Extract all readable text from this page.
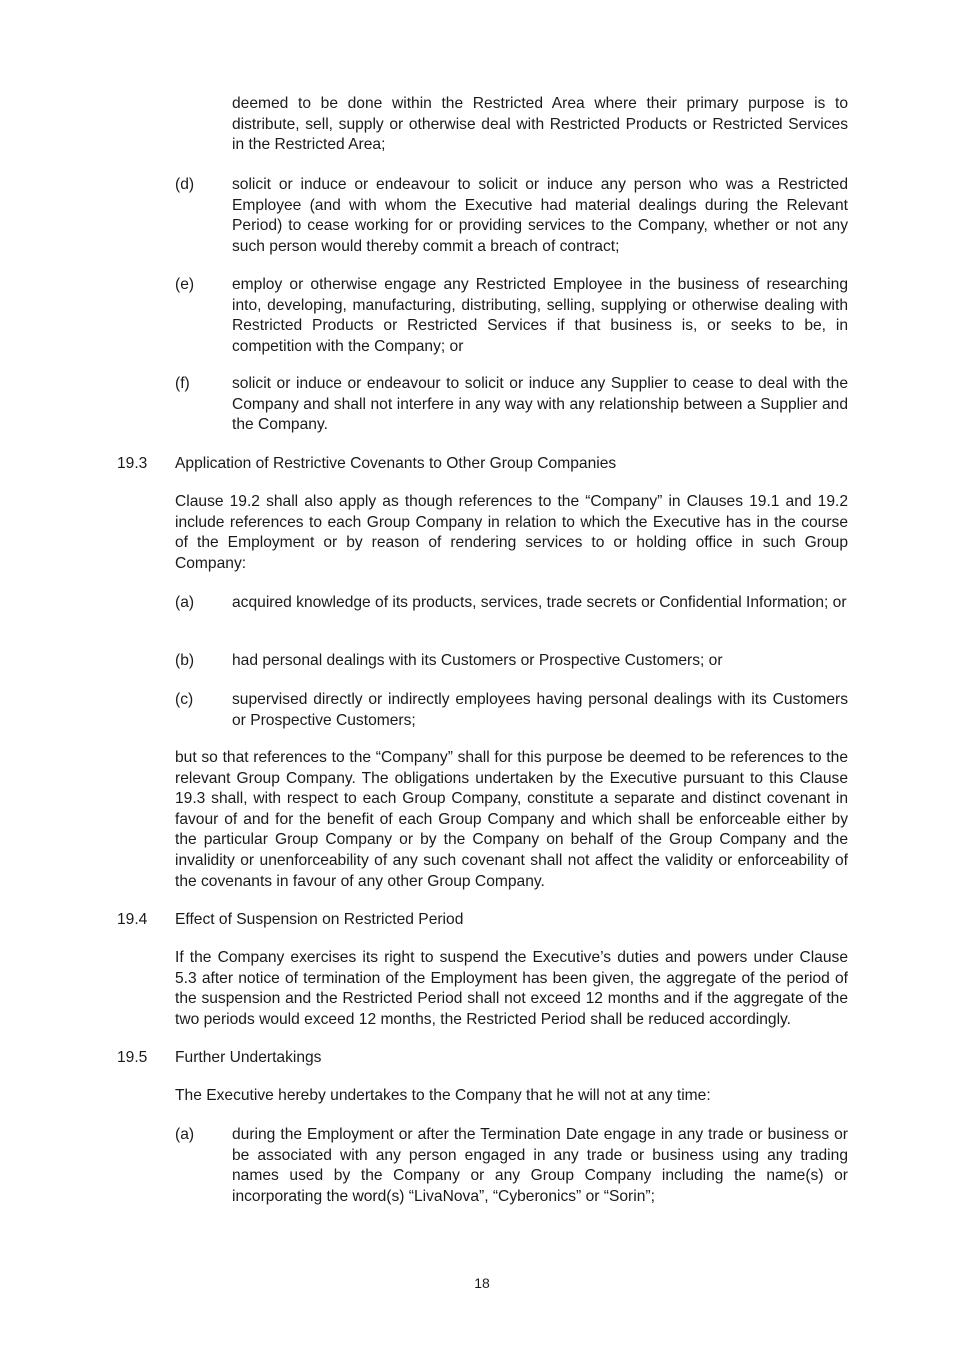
deemed to be done within the Restricted Area where their primary purpose is to distribute, sell, supply or otherwise deal with Restricted Products or Restricted Services in the Restricted Area;
(d) solicit or induce or endeavour to solicit or induce any person who was a Restricted Employee (and with whom the Executive had material dealings during the Relevant Period) to cease working for or providing services to the Company, whether or not any such person would thereby commit a breach of contract;
(e) employ or otherwise engage any Restricted Employee in the business of researching into, developing, manufacturing, distributing, selling, supplying or otherwise dealing with Restricted Products or Restricted Services if that business is, or seeks to be, in competition with the Company; or
(f)	solicit or induce or endeavour to solicit or induce any Supplier to cease to deal with the Company and shall not interfere in any way with any relationship between a Supplier and the Company.
19.3 Application of Restrictive Covenants to Other Group Companies
Clause 19.2 shall also apply as though references to the “Company” in Clauses 19.1 and 19.2 include references to each Group Company in relation to which the Executive has in the course of the Employment or by reason of rendering services to or holding office in such Group Company:
(a) acquired knowledge of its products, services, trade secrets or Confidential Information; or
(b) had personal dealings with its Customers or Prospective Customers; or
(c) supervised directly or indirectly employees having personal dealings with its Customers or Prospective Customers;
but so that references to the “Company” shall for this purpose be deemed to be references to the relevant Group Company. The obligations undertaken by the Executive pursuant to this Clause 19.3 shall, with respect to each Group Company, constitute a separate and distinct covenant in favour of and for the benefit of each Group Company and which shall be enforceable either by the particular Group Company or by the Company on behalf of the Group Company and the invalidity or unenforceability of any such covenant shall not affect the validity or enforceability of the covenants in favour of any other Group Company.
19.4 Effect of Suspension on Restricted Period
If the Company exercises its right to suspend the Executive’s duties and powers under Clause 5.3 after notice of termination of the Employment has been given, the aggregate of the period of the suspension and the Restricted Period shall not exceed 12 months and if the aggregate of the two periods would exceed 12 months, the Restricted Period shall be reduced accordingly.
19.5 Further Undertakings
The Executive hereby undertakes to the Company that he will not at any time:
(a) during the Employment or after the Termination Date engage in any trade or business or be associated with any person engaged in any trade or business using any trading names used by the Company or any Group Company including the name(s) or incorporating the word(s) “LivaNova”, “Cyberonics” or “Sorin”;
18
